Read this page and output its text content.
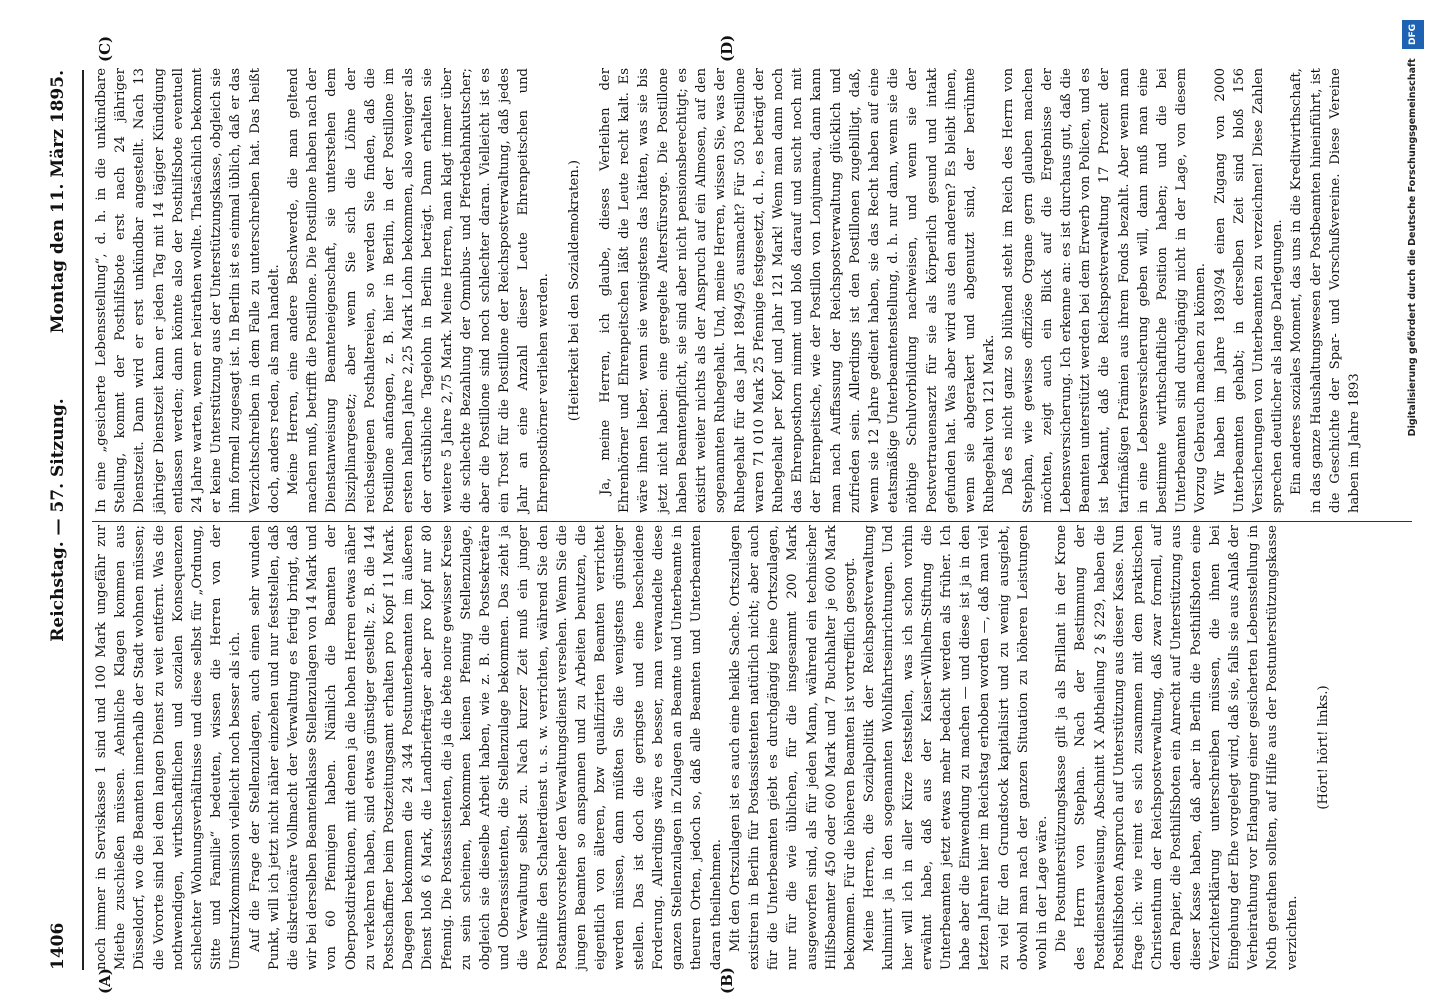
1406
Reichstag. — 57. Sitzung.
Montag den 11. März 1895.
(A)	(B)
(C)	(D)

noch immer in Serviskasse 1 sind und 100 Mark ungefähr zur Miethe zuschießen müssen. Aehnliche Klagen kommen aus Düsseldorf, wo die Beamten innerhalb der Stadt wohnen müssen; die Vororte sind bei dem langen Dienst zu weit entfernt. Was die nothwendigen, wirthschaftlichen und sozialen Konsequenzen schlechter Wohnungsverhältnisse und diese selbst für „Ordnung, Sitte und Familie“ bedeuten, wissen die Herren von der Umsturzkommission vielleicht noch besser als ich. Auf die Frage der Stellenzulagen, auch einen sehr wunden Punkt, will ich jetzt nicht näher einzehen und nur feststellen, daß die diskretionäre Vollmacht der Verwaltung es fertig bringt, daß wir bei derselben Beamtenklasse Stellenzulagen von 14 Mark und von 60 Pfennigen haben. Nämlich die Beamten der Oberpostdirektionen, mit denen ja die hohen Herren etwas näher zu verkehren haben, sind etwas günstiger gestellt; z. B. die 144 Postschaffner beim Postzeitungsamt erhalten pro Kopf 11 Mark. Dagegen bekommen die 24 344 Postunterbeamten im äußeren Dienst bloß 6 Mark, die Landbriefträger aber pro Kopf nur 80 Pfennig. Die Postassistenten, die ja die bête noire gewisser Kreise zu sein scheinen, bekommen keinen Pfennig Stellenzulage, obgleich sie dieselbe Arbeit haben, wie z. B. die Postsekretäre und Oberassistenten, die Stellenzulage bekommen. Das zieht ja die Verwaltung selbst zu. Nach kurzer Zeit muß ein junger Posthilfe den Schalterdienst u. s. w. verrichten, während Sie den Postamtsvorsteher den Verwaltungsdienst versehen. Wenn Sie die jungen Beamten so anspannen und zu Arbeiten benutzen, die eigentlich von älteren, bzw qualifizirten Beamten verrichtet werden müssen, dann müßten Sie die wenigstens günstiger stellen. Das ist doch die geringste und eine bescheidene Forderung. Allerdings wäre es besser, man verwandelte diese ganzen Stellenzulagen in Zulagen an Beamte und Unterbeamte in theuren Orten, jedoch so, daß alle Beamten und Unterbeamten daran theilnehmen. Mit den Ortszulagen ist es auch eine heikle Sache. Ortszulagen existiren in Berlin für Postassistenten natürlich nicht; aber auch für die Unterbeamten giebt es durchgängig keine Ortszulagen, nur für die wie üblichen, für die insgesammt 200 Mark ausgeworfen sind, als für jeden Mann, während ein technischer Hilfsbeamter 450 oder 600 Mark und 7 Buchhalter je 600 Mark bekommen. Für die höheren Beamten ist vortrefflich gesorgt. Meine Herren, die Sozialpolitik der Reichspostverwaltung kulminirt ja in den sogenannten Wohlfahrtseinrichtungen. Und hier will ich in aller Kürze feststellen, was ich schon vorhin erwähnt habe, daß aus der Kaiser-Wilhelm-Stiftung die Unterbeamten jetzt etwas mehr bedacht werden als früher. Ich habe aber die Einwendung zu machen — und diese ist ja in den letzten Jahren hier im Reichstag erhoben worden —, daß man viel zu viel für den Grundstock kapitalisirt und zu wenig ausgiebt, obwohl man nach der ganzen Situation zu höheren Leistungen wohl in der Lage wäre. Die Postunterstützungskasse gilt ja als Brillant in der Krone des Herrn von Stephan. Nach der Bestimmung der Postdienstanweisung, Abschnitt X Abtheilung 2 § 229, haben die Posthilfsboten Anspruch auf Unterstützung aus dieser Kasse. Nun frage ich: wie reimt es sich zusammen mit dem praktischen Christenthum der Reichspostverwaltung, daß zwar formell, auf dem Papier, die Posthilfsboten ein Anrecht auf Unterstützung aus dieser Kasse haben, daß aber in Berlin die Posthilfsboten eine Verzichterklärung unterschreiben müssen, die ihnen bei Eingehung der Ehe vorgelegt wird, daß sie, falls sie aus Anlaß der Verheirathung vor Erlangung einer gesicherten Lebensstellung in Noth gerathen sollten, auf Hilfe aus der Postunterstützungskasse verzichten.

(Hört! hört! links.)

In eine „gesicherte Lebensstellung“, d. h. in die unkündbare Stellung, kommt der Posthilfsbote erst nach 24 jähriger Dienstzeit. Dann wird er erst unkündbar angestellt. Nach 13 jähriger Dienstzeit kann er jeden Tag mit 14 tägiger Kündigung entlassen werden; dann könnte also der Posthilfsbote eventuell 24 Jahre warten, wenn er heirathen wollte. Thatsächlich bekommt er keine Unterstützung aus der Unterstützungskasse, obgleich sie ihm formell zugesagt ist. In Berlin ist es einmal üblich, daß er das Verzichtschreiben in dem Falle zu unterschreiben hat. Das heißt doch, anders reden, als man handelt. Meine Herren, eine andere Beschwerde, die man geltend machen muß, betrifft die Postillone. Die Postillone haben nach der Dienstanweisung Beamteneigenschaft, sie unterstehen dem Disziplinargesetz; aber wenn Sie sich die Löhne der reichseigenen Posthaltereien, so werden Sie finden, daß die Postillone anfangen, z. B. hier in Berlin, in der Postillone im ersten halben Jahre 2,25 Mark Lohn bekommen, also weniger als der ortsübliche Tagelohn in Berlin beträgt. Dann erhalten sie weitere 5 Jahre 2,75 Mark. Meine Herren, man klagt immer über die schlechte Bezahlung der Omnibus- und Pferdebahnkutscher; aber die Postillone sind noch schlechter daran. Vielleicht ist es ein Trost für die Postillone der Reichspostverwaltung, daß jedes Jahr an eine Anzahl dieser Leute Ehrenpeitschen und Ehrenposthörner verliehen werden. (Heiterkeit bei den Sozialdemokraten.) Ja, meine Herren, ich glaube, dieses Verleihen der Ehrenhörner und Ehrenpeitschen läßt die Leute recht kalt. Es wäre ihnen lieber, wenn sie wenigstens das hätten, was sie bis jetzt nicht haben: eine geregelte Altersfürsorge. Die Postillone haben Beamtenpflicht, sie sind aber nicht pensionsberechtigt; es existirt weiter nichts als der Anspruch auf ein Almosen, auf den sogenannten Ruhegehalt. Und, meine Herren, wissen Sie, was der Ruhegehalt für das Jahr 1894/95 ausmacht? Für 503 Postillone waren 71 010 Mark 25 Pfennige festgesetzt, d. h., es beträgt der Ruhegehalt per Kopf und Jahr 121 Mark! Wenn man dann noch das Ehrenposthorn nimmt und bloß darauf und sucht noch mit der Ehrenpeitsche, wie der Postillon von Lonjumeau, dann kann man nach Auffassung der Reichspostverwaltung glücklich und zufrieden sein. Allerdings ist den Postillonen zugebilligt, daß, wenn sie 12 Jahre gedient haben, sie das Recht haben auf eine etatsmäßige Unterbeamtenstellung, d. h. nur dann, wenn sie die nöthige Schulvorbildung nachweisen, und wenn sie der Postvertrauensarzt für sie als körperlich gesund und intakt gefunden hat. Was aber wird aus den anderen? Es bleibt ihnen, wenn sie abgerakert und abgenutzt sind, der berühmte Ruhegehalt von 121 Mark. Daß es nicht ganz so blühend steht im Reich des Herrn von Stephan, wie gewisse offiziöse Organe gern glauben machen möchten, zeigt auch ein Blick auf die Ergebnisse der Lebensversicherung. Ich erkenne an: es ist durchaus gut, daß die Beamten unterstützt werden bei dem Erwerb von Policen, und es ist bekannt, daß die Reichspostverwaltung 17 Prozent der tarifmäßigen Prämien aus ihrem Fonds bezahlt. Aber wenn man in eine Lebensversicherung geben will, dann muß man eine bestimmte wirthschaftliche Position haben; und die bei Unterbeamten sind durchgängig nicht in der Lage, von diesem Vorzug Gebrauch machen zu können. Wir haben im Jahre 1893/94 einen Zugang von 2000 Unterbeamten gehabt; in derselben Zeit sind bloß 156 Versicherungen von Unterbeamten zu verzeichnen! Diese Zahlen sprechen deutlicher als lange Darlegungen. Ein anderes soziales Moment, das uns in die Kreditwirthschaft, in das ganze Haushaltungswesen der Postbeamten hineinführt, ist die Geschichte der Spar- und Vorschußvereine. Diese Vereine haben im Jahre 1893

Digitalisierung gefördert durch die Deutsche Forschungsgemeinschaft DFG
